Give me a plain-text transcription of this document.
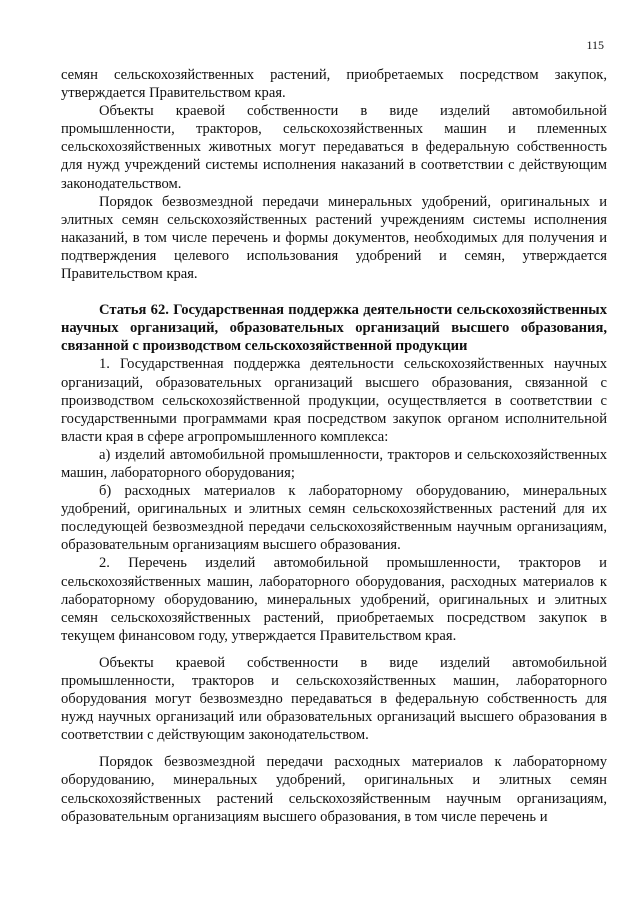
115

семян сельскохозяйственных растений, приобретаемых посредством закупок, утверждается Правительством края.

Объекты краевой собственности в виде изделий автомобильной промышленности, тракторов, сельскохозяйственных машин и племенных сельскохозяйственных животных могут передаваться в федеральную собственность для нужд учреждений системы исполнения наказаний в соответствии с действующим законодательством.

Порядок безвозмездной передачи минеральных удобрений, оригинальных и элитных семян сельскохозяйственных растений учреждениям системы исполнения наказаний, в том числе перечень и формы документов, необходимых для получения и подтверждения целевого использования удобрений и семян, утверждается Правительством края.

Статья 62. Государственная поддержка деятельности сельскохозяйственных научных организаций, образовательных организаций высшего образования, связанной с производством сельскохозяйственной продукции

1. Государственная поддержка деятельности сельскохозяйственных научных организаций, образовательных организаций высшего образования, связанной с производством сельскохозяйственной продукции, осуществляется в соответствии с государственными программами края посредством закупок органом исполнительной власти края в сфере агропромышленного комплекса:

а) изделий автомобильной промышленности, тракторов и сельскохозяйственных машин, лабораторного оборудования;

б) расходных материалов к лабораторному оборудованию, минеральных удобрений, оригинальных и элитных семян сельскохозяйственных растений для их последующей безвозмездной передачи сельскохозяйственным научным организациям, образовательным организациям высшего образования.

2. Перечень изделий автомобильной промышленности, тракторов и сельскохозяйственных машин, лабораторного оборудования, расходных материалов к лабораторному оборудованию, минеральных удобрений, оригинальных и элитных семян сельскохозяйственных растений, приобретаемых посредством закупок в текущем финансовом году, утверждается Правительством края.

Объекты краевой собственности в виде изделий автомобильной промышленности, тракторов и сельскохозяйственных машин, лабораторного оборудования могут безвозмездно передаваться в федеральную собственность для нужд научных организаций или образовательных организаций высшего образования в соответствии с действующим законодательством.

Порядок безвозмездной передачи расходных материалов к лабораторному оборудованию, минеральных удобрений, оригинальных и элитных семян сельскохозяйственных растений сельскохозяйственным научным организациям, образовательным организациям высшего образования, в том числе перечень и
